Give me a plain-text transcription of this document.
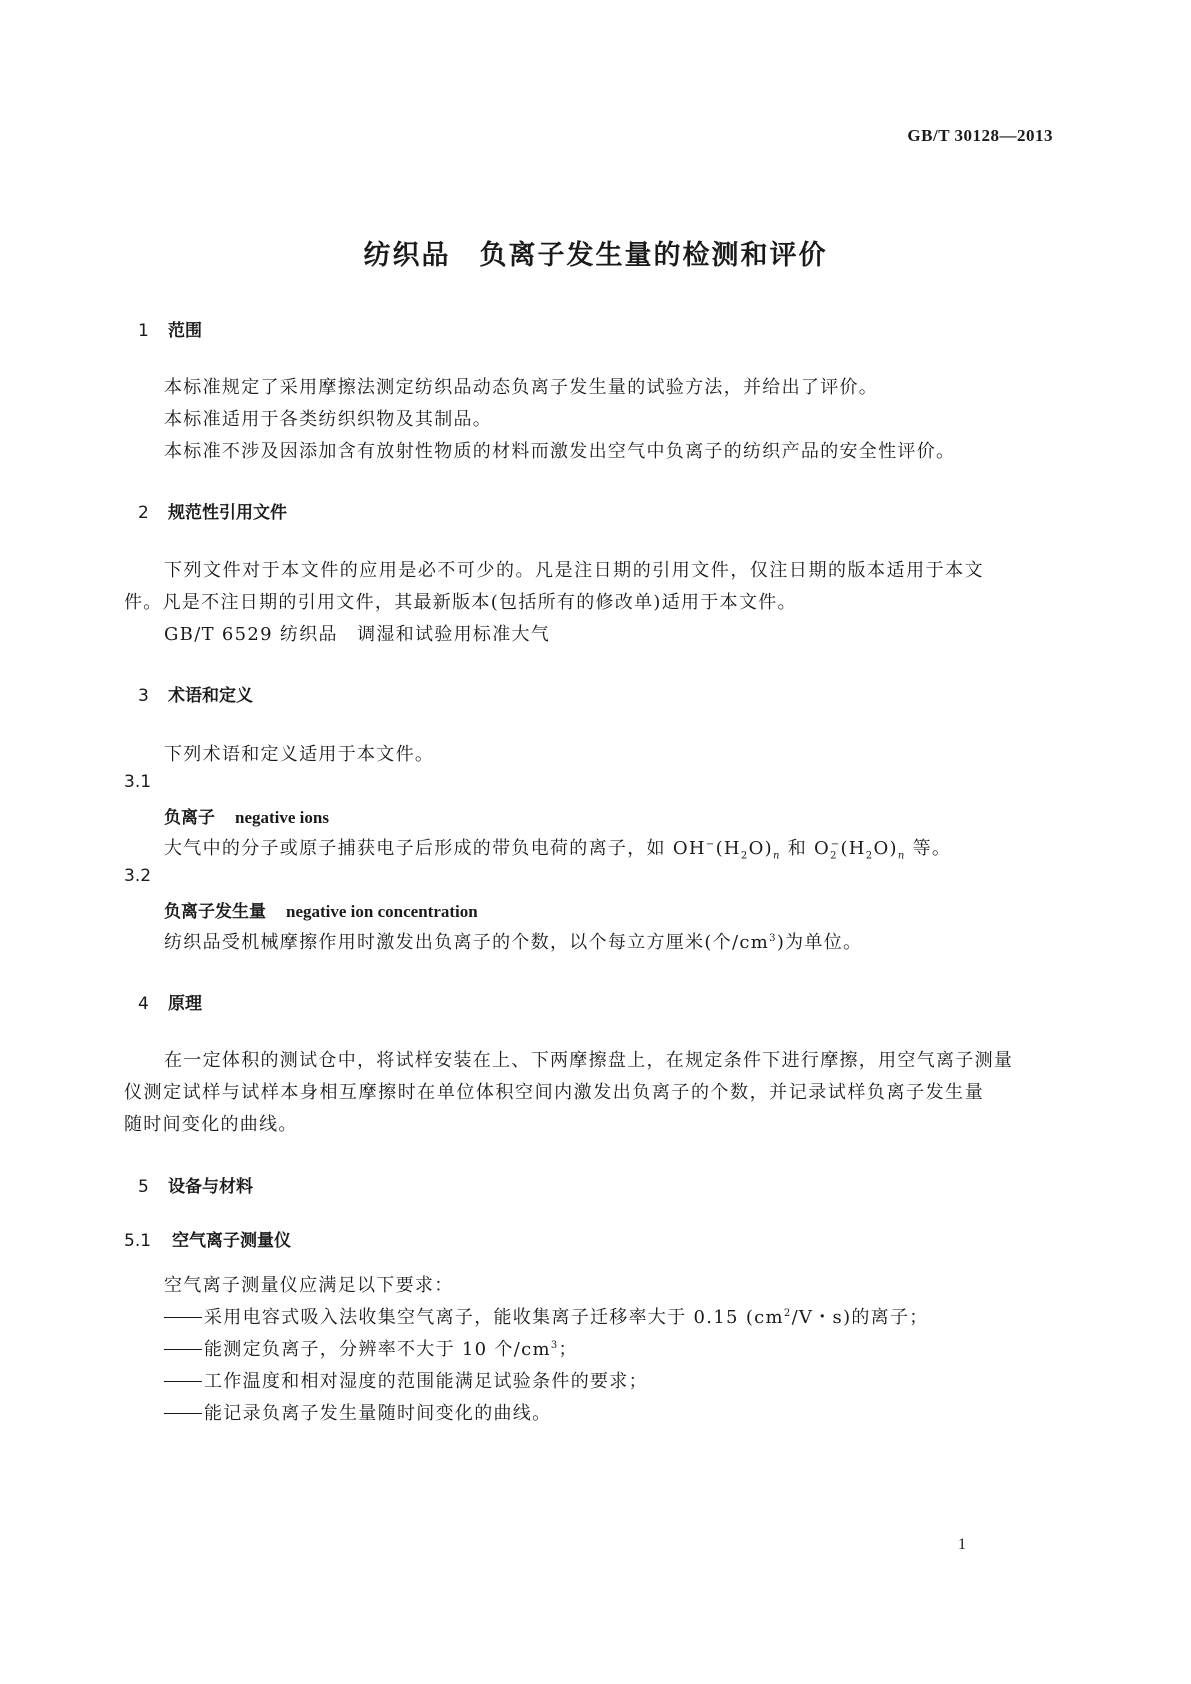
GB/T 30128—2013
纺织品　负离子发生量的检测和评价
1 范围
本标准规定了采用摩擦法测定纺织品动态负离子发生量的试验方法，并给出了评价。
本标准适用于各类纺织织物及其制品。
本标准不涉及因添加含有放射性物质的材料而激发出空气中负离子的纺织产品的安全性评价。
2 规范性引用文件
下列文件对于本文件的应用是必不可少的。凡是注日期的引用文件，仅注日期的版本适用于本文
件。凡是不注日期的引用文件，其最新版本(包括所有的修改单)适用于本文件。
GB/T 6529 纺织品　调湿和试验用标准大气
3 术语和定义
下列术语和定义适用于本文件。
3.1
负离子 negative ions
大气中的分子或原子捕获电子后形成的带负电荷的离子，如 $OH^-(H_2O)_n$ 和 $O_2^-(H_2O)_n$ 等。
3.2
负离子发生量 negative ion concentration
纺织品受机械摩擦作用时激发出负离子的个数，以个每立方厘米(个$/cm^3$)为单位。
4 原理
在一定体积的测试仓中，将试样安装在上、下两摩擦盘上，在规定条件下进行摩擦，用空气离子测量
仪测定试样与试样本身相互摩擦时在单位体积空间内激发出负离子的个数，并记录试样负离子发生量
随时间变化的曲线。
5 设备与材料
5.1 空气离子测量仪
空气离子测量仪应满足以下要求：
采用电容式吸入法收集空气离子，能收集离子迁移率大于 0.15 ($cm^2/V$・s)的离子；
能测定负离子，分辨率不大于 10 个$/cm^3$；
工作温度和相对湿度的范围能满足试验条件的要求；
能记录负离子发生量随时间变化的曲线。
1
